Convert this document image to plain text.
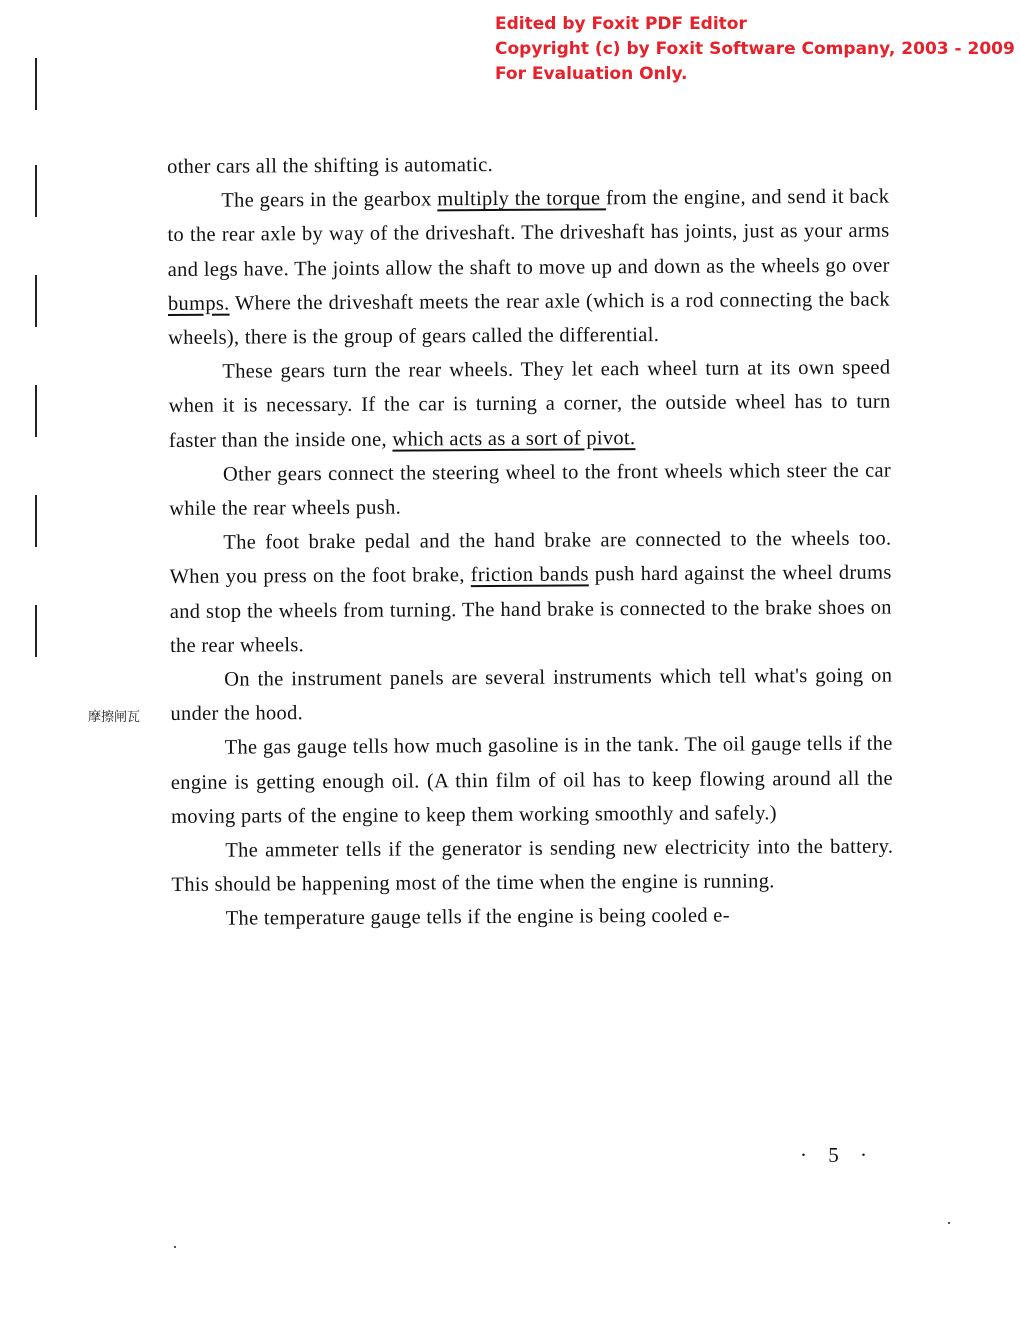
Edited by Foxit PDF Editor
Copyright (c) by Foxit Software Company, 2003 - 2009
For Evaluation Only.
摩擦闸瓦

other cars all the shifting is automatic.

The gears in the gearbox multiply the torque from the engine, and send it back to the rear axle by way of the driveshaft. The driveshaft has joints, just as your arms and legs have. The joints allow the shaft to move up and down as the wheels go over bumps. Where the driveshaft meets the rear axle (which is a rod connecting the back wheels), there is the group of gears called the differential.

These gears turn the rear wheels. They let each wheel turn at its own speed when it is necessary. If the car is turning a corner, the outside wheel has to turn faster than the inside one, which acts as a sort of pivot.

Other gears connect the steering wheel to the front wheels which steer the car while the rear wheels push.

The foot brake pedal and the hand brake are connected to the wheels too. When you press on the foot brake, friction bands push hard against the wheel drums and stop the wheels from turning. The hand brake is connected to the brake shoes on the rear wheels.

On the instrument panels are several instruments which tell what's going on under the hood.

The gas gauge tells how much gasoline is in the tank. The oil gauge tells if the engine is getting enough oil. (A thin film of oil has to keep flowing around all the moving parts of the engine to keep them working smoothly and safely.)

The ammeter tells if the generator is sending new electricity into the battery. This should be happening most of the time when the engine is running.

The temperature gauge tells if the engine is being cooled e-

· 5 ·
